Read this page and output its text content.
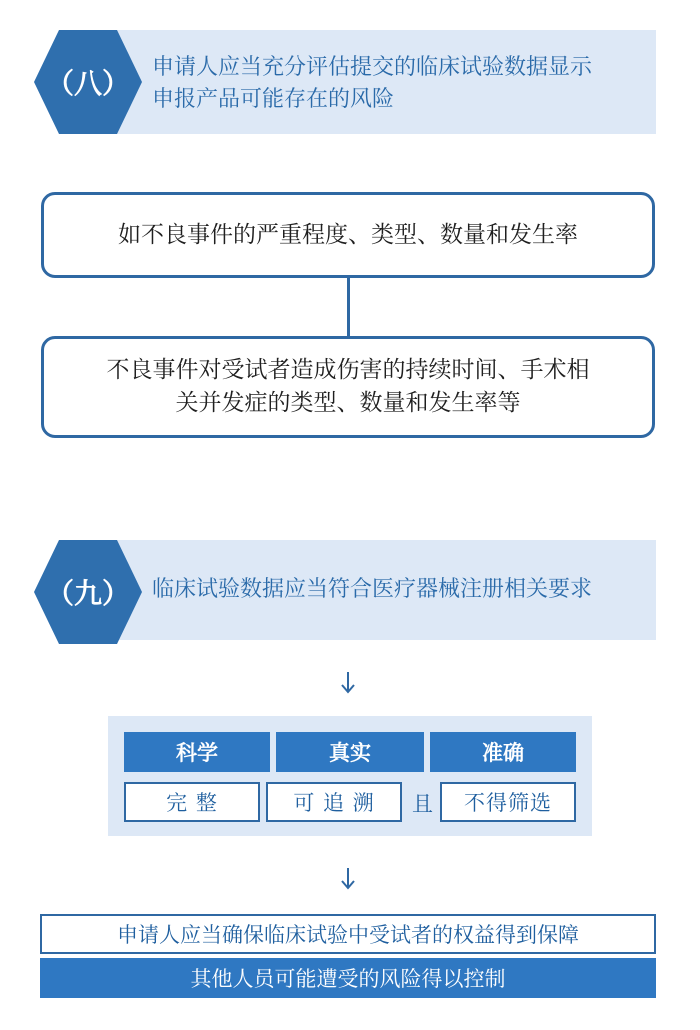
申请人应当充分评估提交的临床试验数据显示
申报产品可能存在的风险
（八）
如不良事件的严重程度、类型、数量和发生率
不良事件对受试者造成伤害的持续时间、手术相
关并发症的类型、数量和发生率等
临床试验数据应当符合医疗器械注册相关要求
（九）
科学	真实	准确
完 整	可 追 溯	且	不得筛选
申请人应当确保临床试验中受试者的权益得到保障
其他人员可能遭受的风险得以控制
